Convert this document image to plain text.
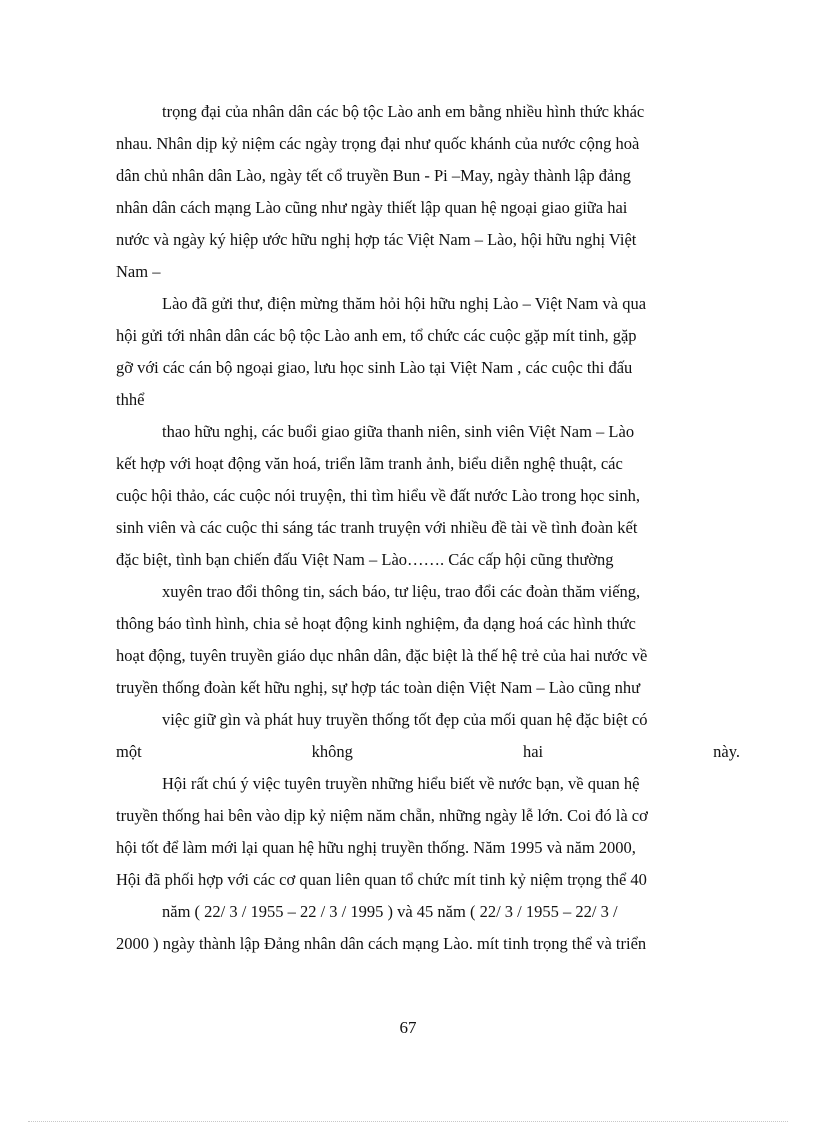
trọng đại của nhân dân các bộ tộc Lào anh em bằng nhiều hình thức khác
nhau. Nhân dịp kỷ niệm các ngày trọng đại như quốc khánh của nước cộng hoà
dân chủ nhân dân Lào, ngày tết cổ truyền Bun - Pi –May, ngày thành lập đảng
nhân dân cách mạng Lào cũng như ngày thiết lập quan hệ ngoại giao giữa hai
nước và ngày ký hiệp ước hữu nghị hợp tác Việt Nam – Lào, hội hữu nghị Việt
Nam –
Lào đã gửi thư, điện mừng thăm hỏi hội hữu nghị Lào – Việt Nam và qua
hội gửi tới nhân dân các bộ tộc Lào anh em, tổ chức các cuộc gặp mít tinh, gặp
gỡ với các cán bộ ngoại giao, lưu học sinh Lào tại Việt Nam , các cuộc thi đấu
thhể
thao hữu nghị, các buổi giao giữa thanh niên, sinh viên Việt Nam – Lào
kết hợp với hoạt động văn hoá, triển lãm tranh ảnh, biểu diễn nghệ thuật, các
cuộc hội thảo, các cuộc nói truyện, thi tìm hiểu về đất nước Lào trong học sinh,
sinh viên và các cuộc thi sáng tác tranh truyện với nhiều đề tài về tình đoàn kết
đặc biệt, tình bạn chiến đấu Việt Nam – Lào……. Các cấp hội cũng thường
xuyên trao đổi thông tin, sách báo, tư liệu, trao đổi các đoàn thăm viếng,
thông báo tình hình, chia sẻ hoạt động kinh nghiệm, đa dạng hoá các hình thức
hoạt động, tuyên truyền giáo dục nhân dân, đặc biệt là thế hệ trẻ của hai nước về
truyền thống đoàn kết hữu nghị, sự hợp tác toàn diện Việt Nam – Lào cũng như
việc giữ gìn và phát huy truyền thống tốt đẹp của mối quan hệ đặc biệt có
một không hai này.
Hội rất chú ý việc tuyên truyền những hiểu biết về nước bạn, về quan hệ
truyền thống hai bên vào dịp kỷ niệm năm chẵn, những ngày lễ lớn. Coi đó là cơ
hội tốt để làm mới lại quan hệ hữu nghị truyền thống. Năm 1995 và năm 2000,
Hội đã phối hợp với các cơ quan liên quan tổ chức mít tinh kỷ niệm trọng thể 40
năm ( 22/ 3 / 1955 – 22 / 3 / 1995 ) và 45 năm ( 22/ 3 / 1955 – 22/ 3 /
2000 ) ngày thành lập Đảng nhân dân cách mạng Lào. mít tinh trọng thể và triển
67
